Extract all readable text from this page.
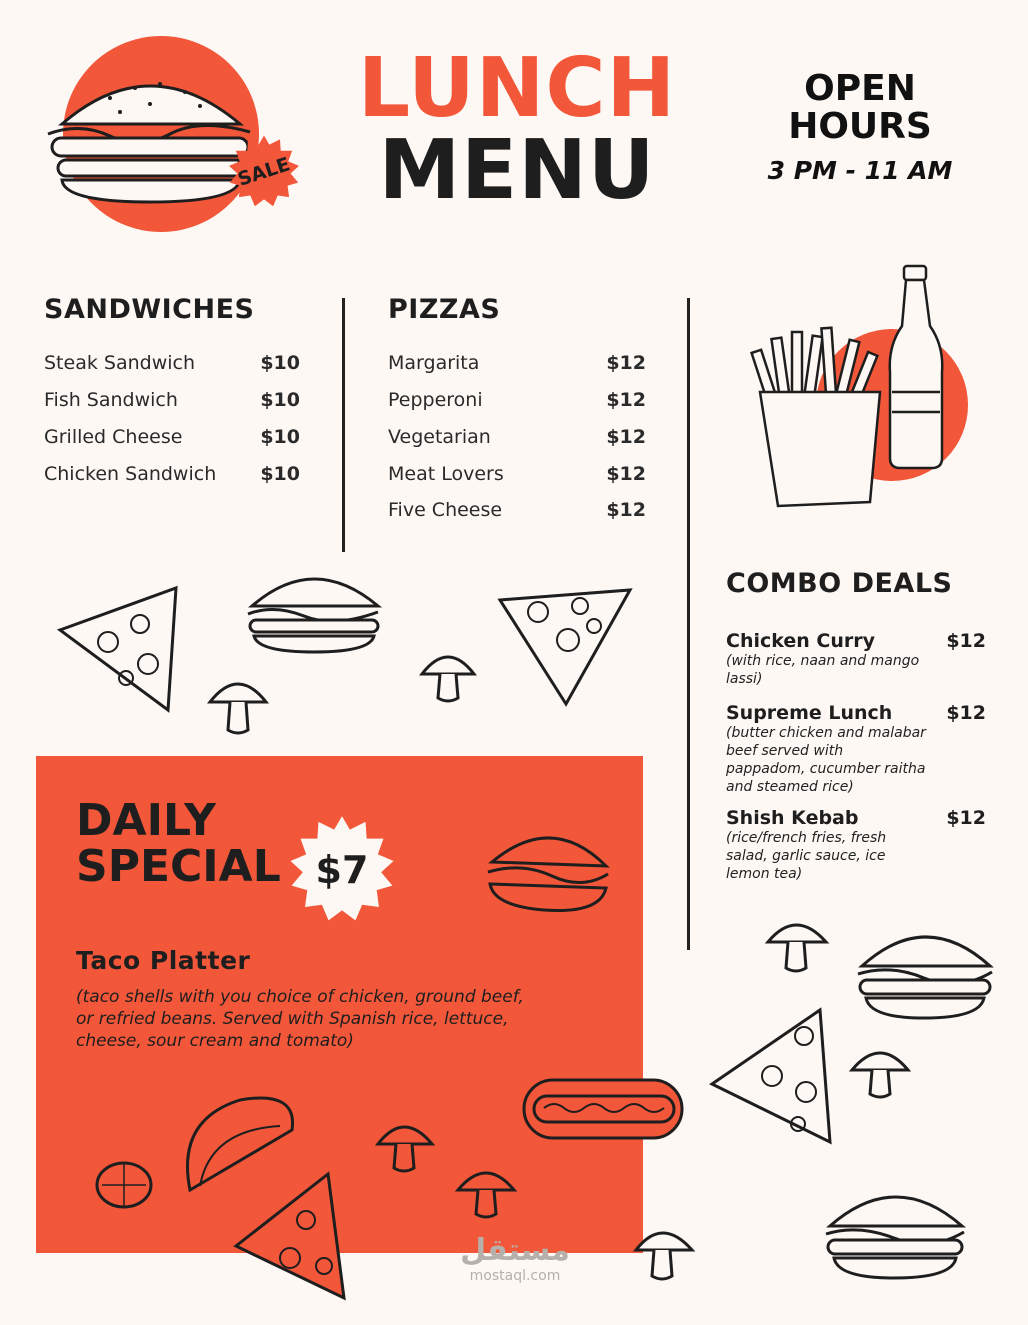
SALE
LUNCH
MENU
OPEN
HOURS
3 PM - 11 AM
SANDWICHES
Steak Sandwich	$10
Fish Sandwich	$10
Grilled Cheese	$10
Chicken Sandwich $10
PIZZAS
Margarita	$12
Pepperoni	$12
Vegetarian	$12
Meat Lovers	$12
Five Cheese	$12
COMBO DEALS
Chicken Curry	$12
(with rice, naan and mango lassi)
Supreme Lunch	$12
(butter chicken and malabar beef served with pappadom, cucumber raitha and steamed rice)
Shish Kebab	$12
(rice/french fries, fresh salad, garlic sauce, ice lemon tea)
DAILY
SPECIAL $7
Taco Platter
(taco shells with you choice of chicken, ground beef, or refried beans. Served with Spanish rice, lettuce, cheese, sour cream and tomato)
مستقل
mostaql.com
